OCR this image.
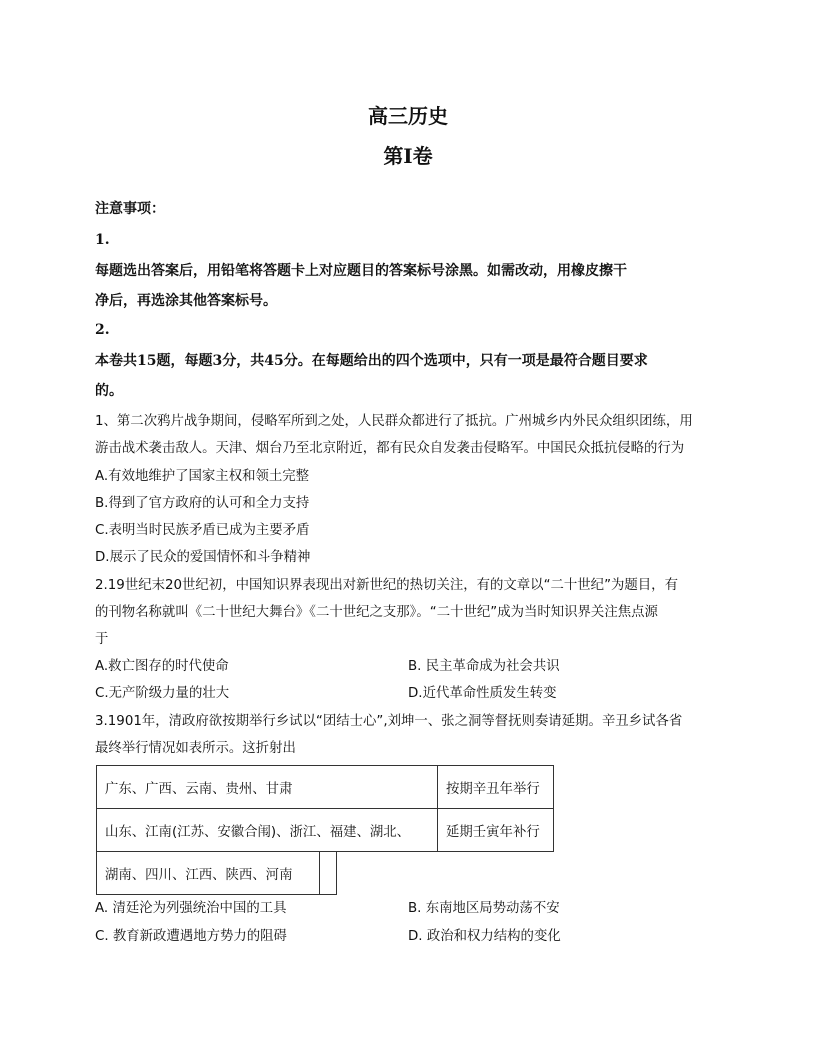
高三历史
第Ⅰ卷
注意事项：
1.
每题选出答案后，用铅笔将答题卡上对应题目的答案标号涂黑。如需改动，用橡皮擦干
净后，再选涂其他答案标号。
2.
本卷共15题，每题3分，共45分。在每题给出的四个选项中，只有一项是最符合题目要求
的。
1、第二次鸦片战争期间，侵略军所到之处，人民群众都进行了抵抗。广州城乡内外民众组织团练，用
游击战术袭击敌人。天津、烟台乃至北京附近，都有民众自发袭击侵略军。中国民众抵抗侵略的行为
A.有效地维护了国家主权和领土完整
B.得到了官方政府的认可和全力支持
C.表明当时民族矛盾已成为主要矛盾
D.展示了民众的爱国情怀和斗争精神
2.19世纪末20世纪初，中国知识界表现出对新世纪的热切关注，有的文章以“二十世纪”为题目，有
的刊物名称就叫《二十世纪大舞台》《二十世纪之支那》。“二十世纪”成为当时知识界关注焦点源
于
A.救亡图存的时代使命	B. 民主革命成为社会共识
C.无产阶级力量的壮大	D.近代革命性质发生转变
3.1901年，清政府欲按期举行乡试以“团结士心”,刘坤一、张之洞等督抚则奏请延期。辛丑乡试各省
最终举行情况如表所示。这折射出
广东、广西、云南、贵州、甘肃	按期辛丑年举行
山东、江南(江苏、安徽合闱)、浙江、福建、湖北、	延期壬寅年补行
湖南、四川、江西、陕西、河南
A. 清廷沦为列强统治中国的工具	B. 东南地区局势动荡不安
C. 教育新政遭遇地方势力的阻碍	D. 政治和权力结构的变化
